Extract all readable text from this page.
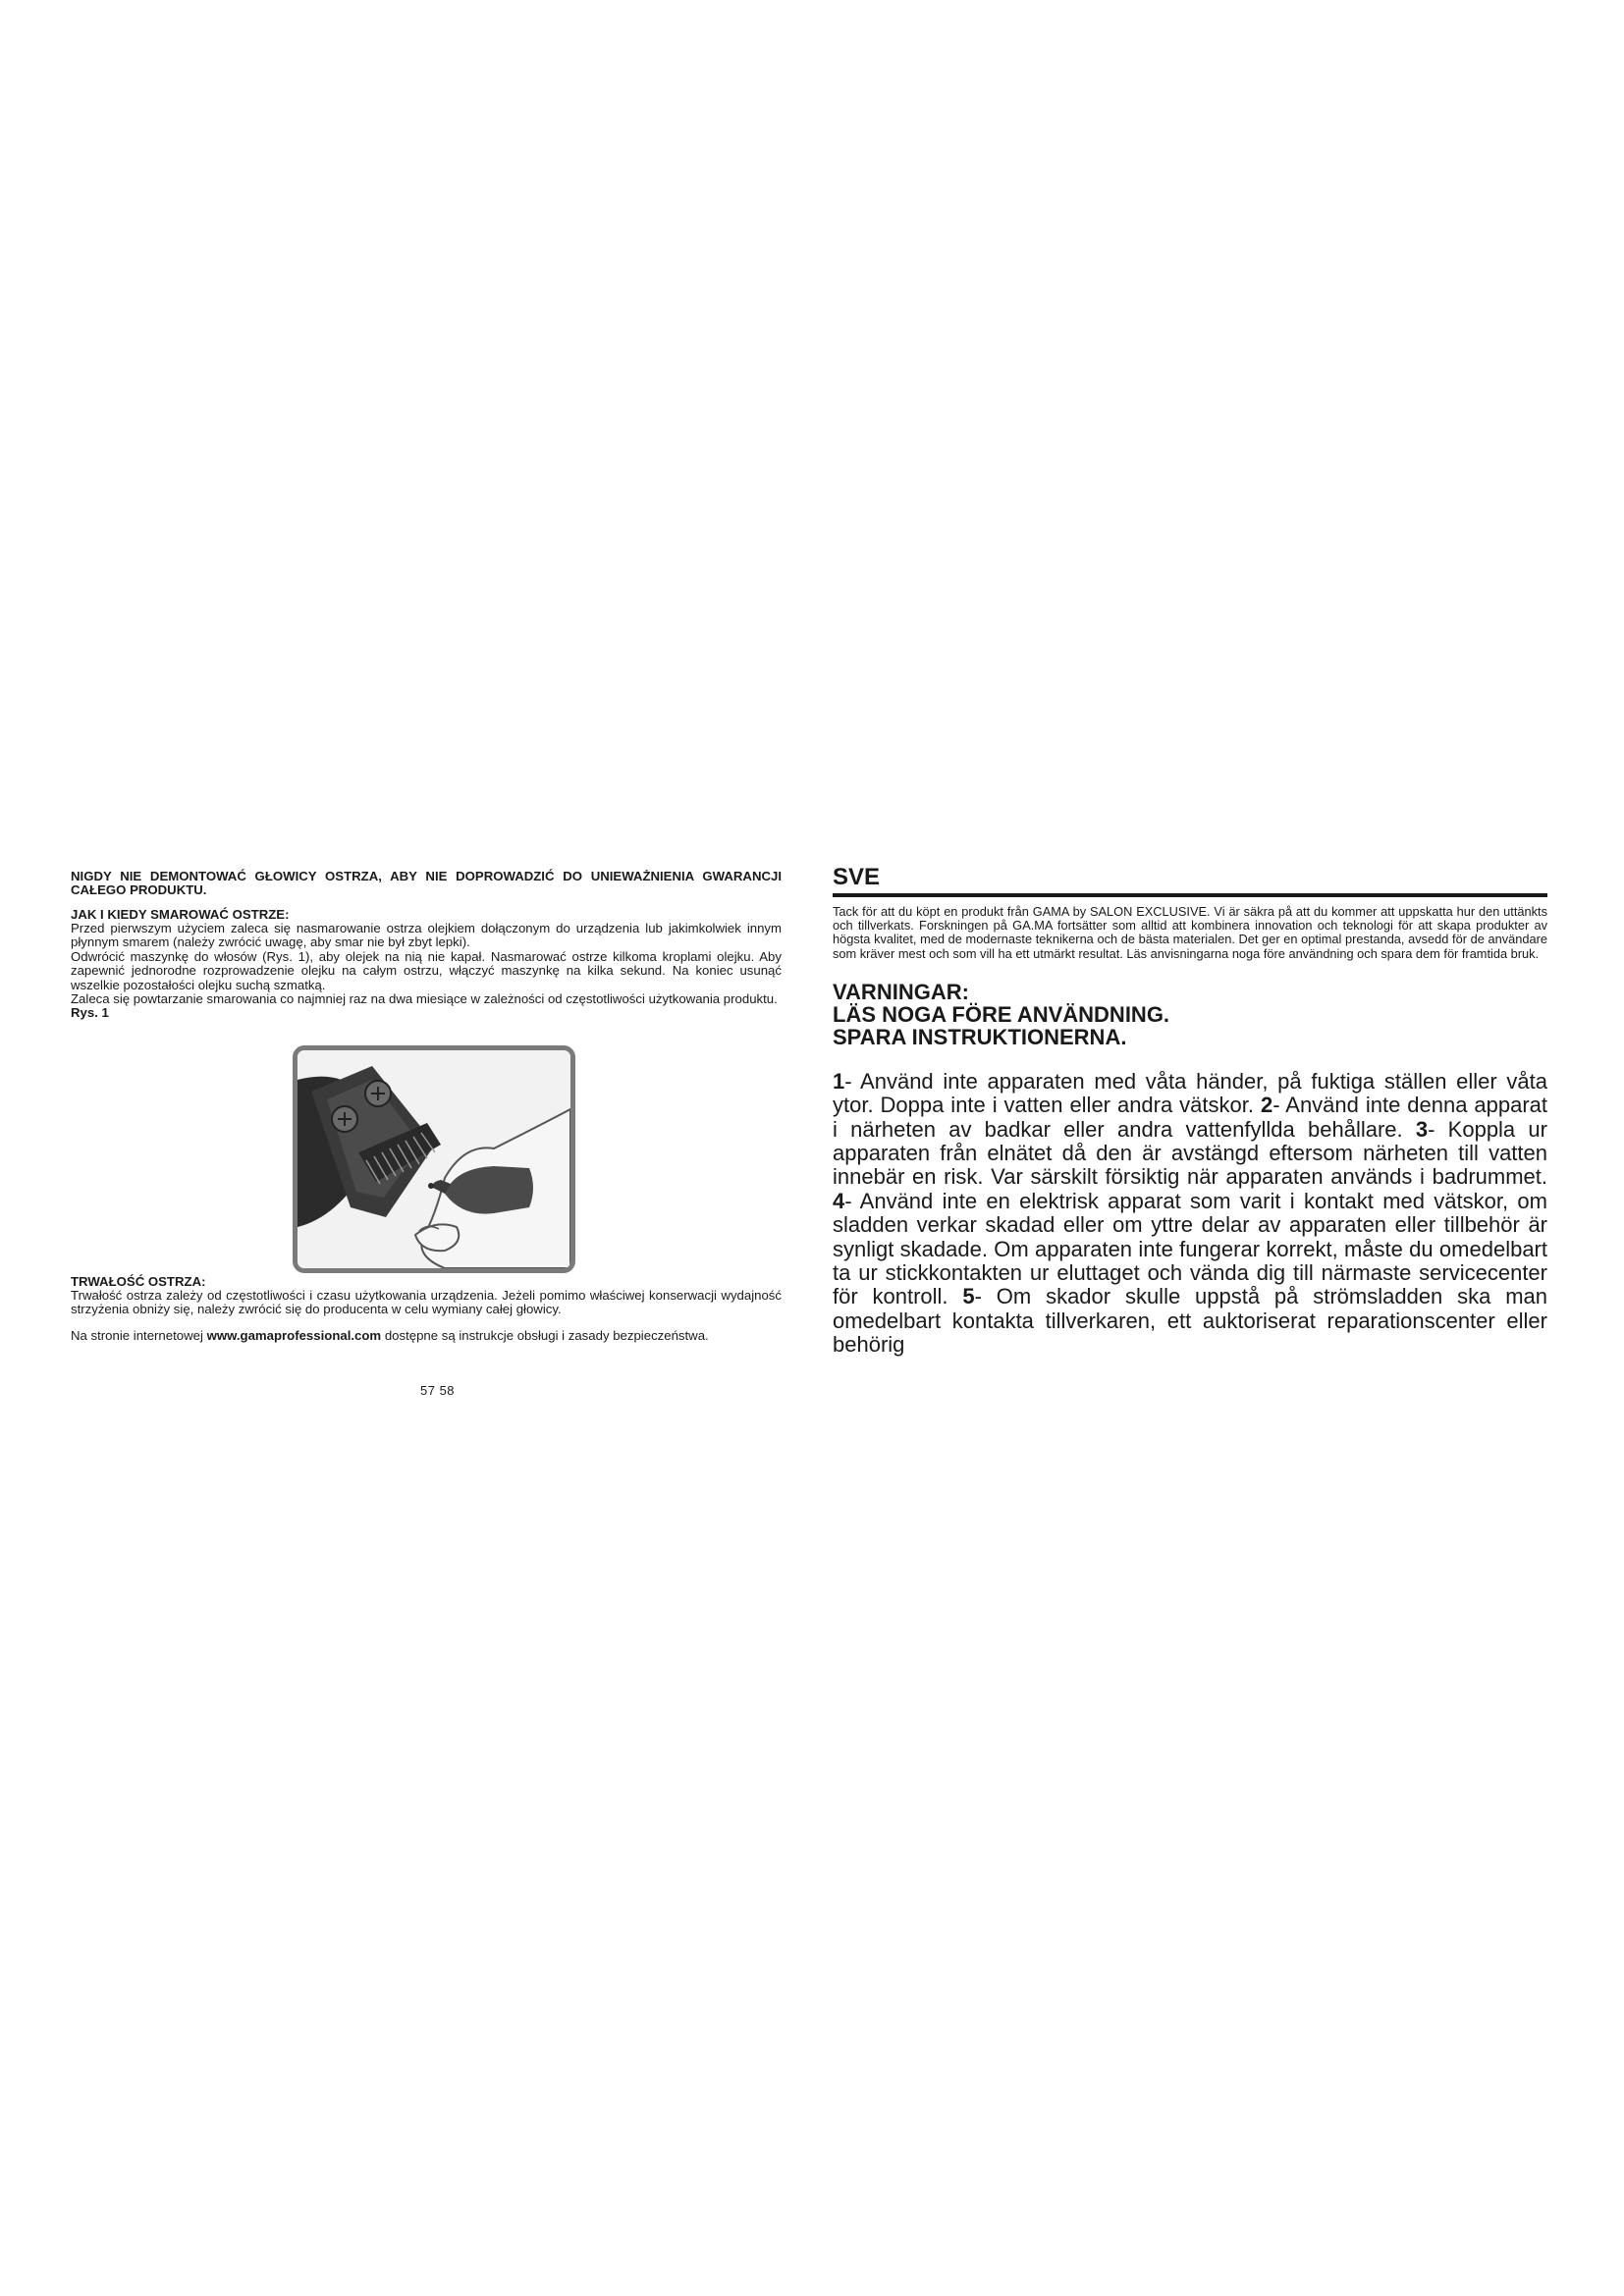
NIGDY NIE DEMONTOWAĆ GŁOWICY OSTRZA, ABY NIE DOPROWADZIĆ DO UNIEWAŻNIENIA GWARANCJI CAŁEGO PRODUKTU.

JAK I KIEDY SMAROWAĆ OSTRZE:

Przed pierwszym użyciem zaleca się nasmarowanie ostrza olejkiem dołączonym do urządzenia lub jakimkolwiek innym płynnym smarem (należy zwrócić uwagę, aby smar nie był zbyt lepki).

Odwrócić maszynkę do włosów (Rys. 1), aby olejek na nią nie kapał. Nasmarować ostrze kilkoma kroplami olejku. Aby zapewnić jednorodne rozprowadzenie olejku na całym ostrzu, włączyć maszynkę na kilka sekund. Na koniec usunąć wszelkie pozostałości olejku suchą szmatką.

Zaleca się powtarzanie smarowania co najmniej raz na dwa miesiące w zależności od częstotliwości użytkowania produktu.

Rys. 1

TRWAŁOŚĆ OSTRZA:

Trwałość ostrza zależy od częstotliwości i czasu użytkowania urządzenia. Jeżeli pomimo właściwej konserwacji wydajność strzyżenia obniży się, należy zwrócić się do producenta w celu wymiany całej głowicy.

Na stronie internetowej www.gamaprofessional.com dostępne są instrukcje obsługi i zasady bezpieczeństwa.

57 58

SVE

Tack för att du köpt en produkt från GAMA by SALON EXCLUSIVE. Vi är säkra på att du kommer att uppskatta hur den uttänkts och tillverkats. Forskningen på GA.MA fortsätter som alltid att kombinera innovation och teknologi för att skapa produkter av högsta kvalitet, med de modernaste teknikerna och de bästa materialen. Det ger en optimal prestanda, avsedd för de användare som kräver mest och som vill ha ett utmärkt resultat. Läs anvisningarna noga före användning och spara dem för framtida bruk.

VARNINGAR:
LÄS NOGA FÖRE ANVÄNDNING.
SPARA INSTRUKTIONERNA.

1- Använd inte apparaten med våta händer, på fuktiga ställen eller våta ytor. Doppa inte i vatten eller andra vätskor. 2- Använd inte denna apparat i närheten av badkar eller andra vattenfyllda behållare. 3- Koppla ur apparaten från elnätet då den är avstängd eftersom närheten till vatten innebär en risk. Var särskilt försiktig när apparaten används i badrummet. 4- Använd inte en elektrisk apparat som varit i kontakt med vätskor, om sladden verkar skadad eller om yttre delar av apparaten eller tillbehör är synligt skadade. Om apparaten inte fungerar korrekt, måste du omedelbart ta ur stickkontakten ur eluttaget och vända dig till närmaste servicecenter för kontroll. 5- Om skador skulle uppstå på strömsladden ska man omedelbart kontakta tillverkaren, ett auktoriserat reparationscenter eller behörig
